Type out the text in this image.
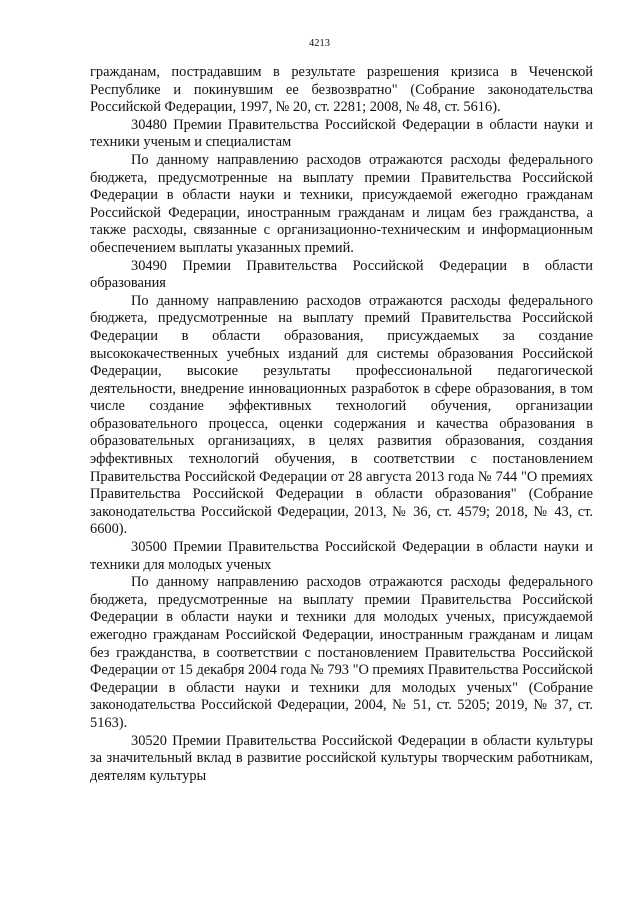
4213

гражданам, пострадавшим в результате разрешения кризиса в Чеченской Республике и покинувшим ее безвозвратно" (Собрание законодательства Российской Федерации, 1997, № 20, ст. 2281; 2008, № 48, ст. 5616).

30480 Премии Правительства Российской Федерации в области науки и техники ученым и специалистам

По данному направлению расходов отражаются расходы федерального бюджета, предусмотренные на выплату премии Правительства Российской Федерации в области науки и техники, присуждаемой ежегодно гражданам Российской Федерации, иностранным гражданам и лицам без гражданства, а также расходы, связанные с организационно-техническим и информационным обеспечением выплаты указанных премий.

30490 Премии Правительства Российской Федерации в области образования

По данному направлению расходов отражаются расходы федерального бюджета, предусмотренные на выплату премий Правительства Российской Федерации в области образования, присуждаемых за создание высококачественных учебных изданий для системы образования Российской Федерации, высокие результаты профессиональной педагогической деятельности, внедрение инновационных разработок в сфере образования, в том числе создание эффективных технологий обучения, организации образовательного процесса, оценки содержания и качества образования в образовательных организациях, в целях развития образования, создания эффективных технологий обучения, в соответствии с постановлением Правительства Российской Федерации от 28 августа 2013 года № 744 "О премиях Правительства Российской Федерации в области образования" (Собрание законодательства Российской Федерации, 2013, № 36, ст. 4579; 2018, № 43, ст. 6600).

30500 Премии Правительства Российской Федерации в области науки и техники для молодых ученых

По данному направлению расходов отражаются расходы федерального бюджета, предусмотренные на выплату премии Правительства Российской Федерации в области науки и техники для молодых ученых, присуждаемой ежегодно гражданам Российской Федерации, иностранным гражданам и лицам без гражданства, в соответствии с постановлением Правительства Российской Федерации от 15 декабря 2004 года № 793 "О премиях Правительства Российской Федерации в области науки и техники для молодых ученых" (Собрание законодательства Российской Федерации, 2004, № 51, ст. 5205; 2019, № 37, ст. 5163).

30520 Премии Правительства Российской Федерации в области культуры за значительный вклад в развитие российской культуры творческим работникам, деятелям культуры
